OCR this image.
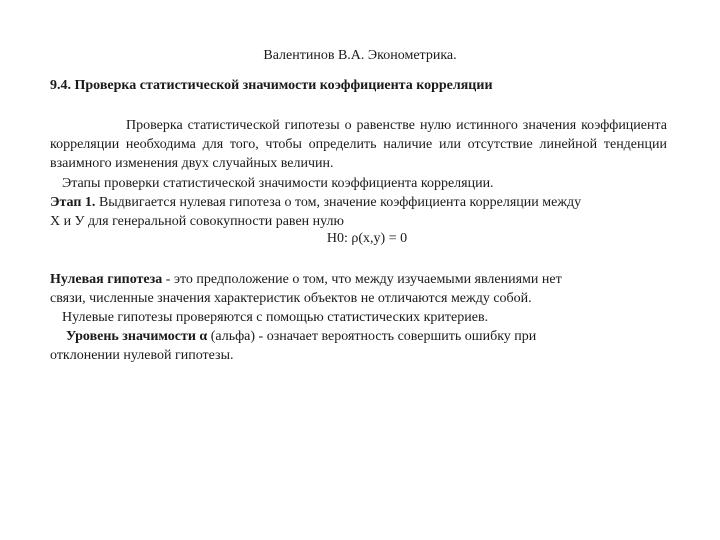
Валентинов В.А. Эконометрика.
9.4. Проверка статистической значимости коэффициента корреляции
Проверка статистической гипотезы о равенстве нулю истинного значения коэффициента корреляции необходима для того, чтобы определить наличие или отсутствие линейной тенденции взаимного изменения двух случайных величин.
Этапы проверки статистической значимости коэффициента корреляции.
Этап 1. Выдвигается нулевая гипотеза о том, значение коэффициента корреляции между
X и У для генеральной совокупности равен нулю
H0: ρ(x,y) = 0
Нулевая гипотеза - это предположение о том, что между изучаемыми явлениями нет
связи, численные значения характеристик объектов не отличаются между собой.
Нулевые гипотезы проверяются с помощью статистических критериев.
Уровень значимости α (альфа) - означает вероятность совершить ошибку при
отклонении нулевой гипотезы.
